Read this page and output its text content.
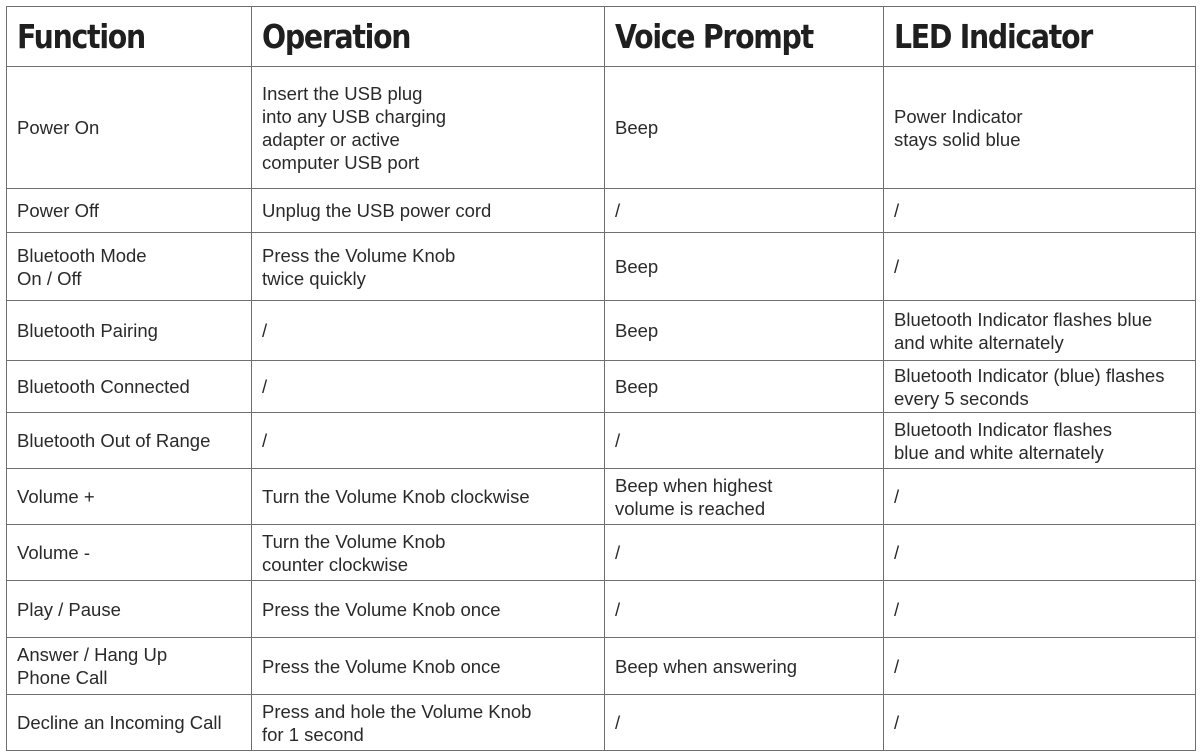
Function	Operation	Voice Prompt	LED Indicator
Power On	Insert the USB plug
into any USB charging
adapter or active
computer USB port	Beep	Power Indicator
stays solid blue
Power Off	Unplug the USB power cord	/	/
Bluetooth Mode
On / Off	Press the Volume Knob
twice quickly	Beep	/
Bluetooth Pairing	/	Beep	Bluetooth Indicator flashes blue
and white alternately
Bluetooth Connected	/	Beep	Bluetooth Indicator (blue) flashes
every 5 seconds
Bluetooth Out of Range	/	/	Bluetooth Indicator flashes
blue and white alternately
Volume +	Turn the Volume Knob clockwise	Beep when highest
volume is reached	/
Volume -	Turn the Volume Knob
counter clockwise	/	/
Play / Pause	Press the Volume Knob once	/	/
Answer / Hang Up
Phone Call	Press the Volume Knob once	Beep when answering	/
Decline an Incoming Call	Press and hole the Volume Knob
for 1 second	/	/
